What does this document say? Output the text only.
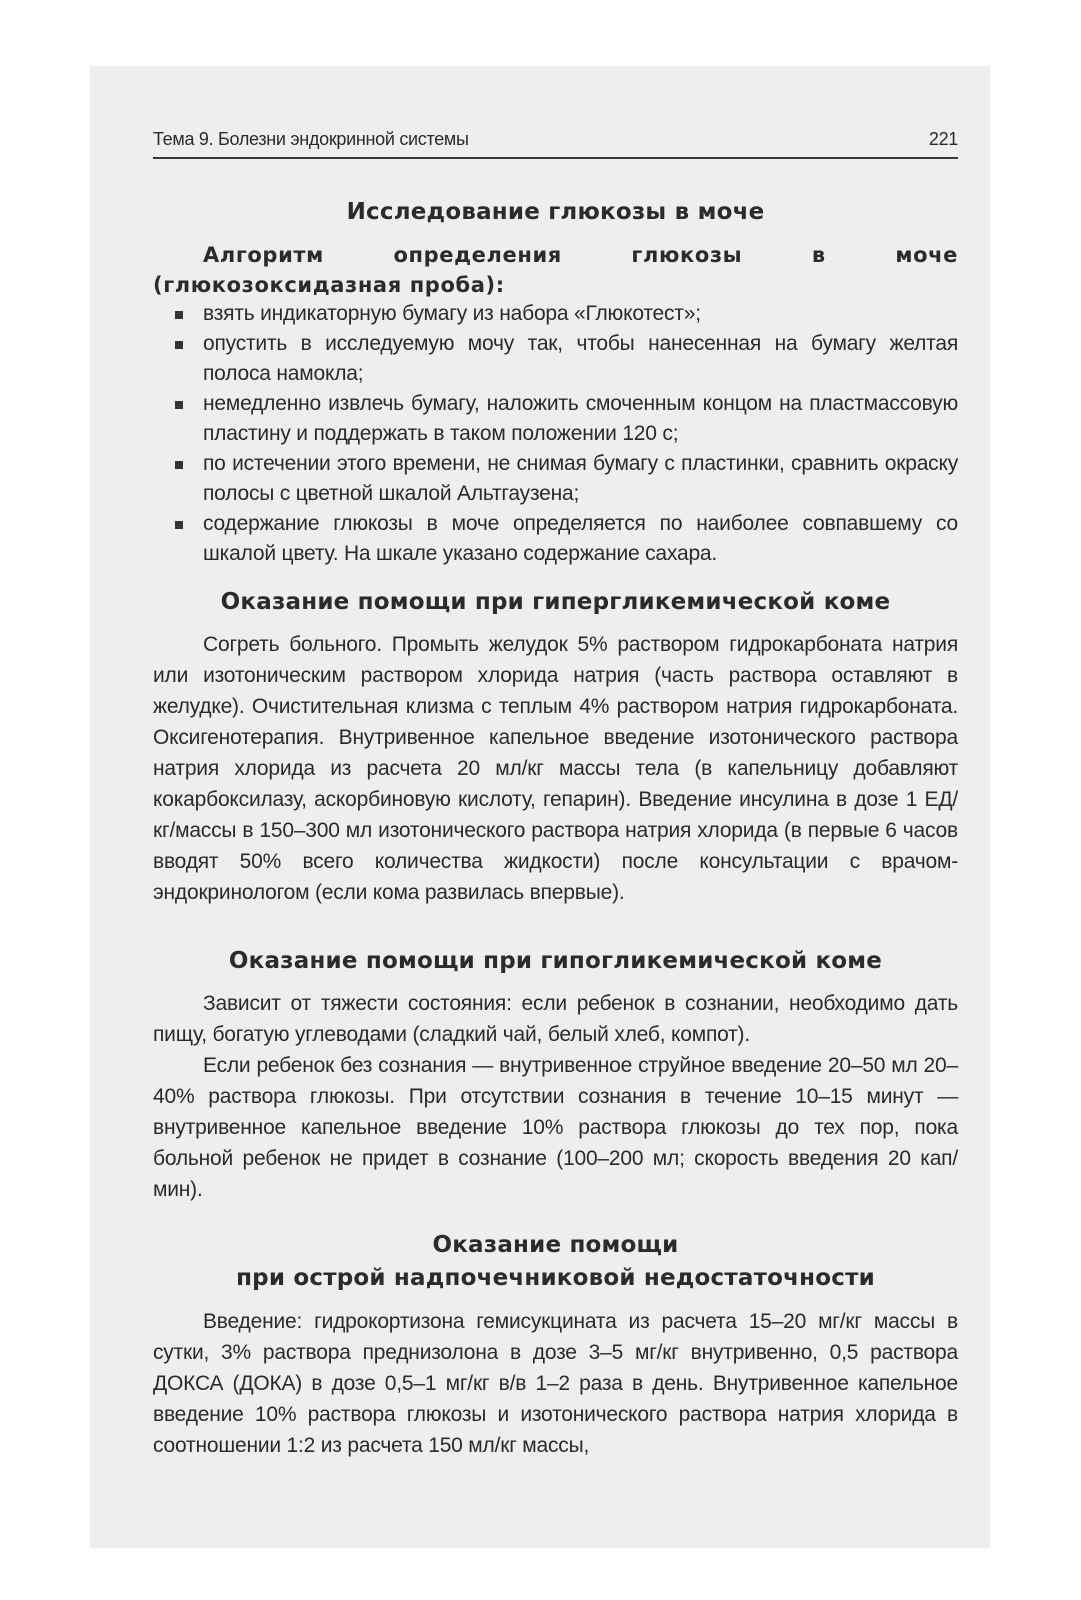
Тема 9. Болезни эндокринной системы	221
Исследование глюкозы в моче

Алгоритм определения глюкозы в моче (глюкозоксидазная проба):

взять индикаторную бумагу из набора «Глюкотест»;
опустить в исследуемую мочу так, чтобы нанесенная на бумагу желтая полоса намокла;
немедленно извлечь бумагу, наложить смоченным концом на пластмассовую пластину и поддержать в таком положении 120 с;
по истечении этого времени, не снимая бумагу с пластинки, сравнить окраску полосы с цветной шкалой Альтгаузена;
содержание глюкозы в моче определяется по наиболее совпавшему со шкалой цвету. На шкале указано содержание сахара.
Оказание помощи при гипергликемической коме

Согреть больного. Промыть желудок 5% раствором гидрокарбоната натрия или изотоническим раствором хлорида натрия (часть раствора оставляют в желудке). Очистительная клизма с теплым 4% раствором натрия гидрокарбоната. Оксигенотерапия. Внутривенное капельное введение изотонического раствора натрия хлорида из расчета 20 мл/кг массы тела (в капельницу добавляют кокарбоксилазу, аскорбиновую кислоту, гепарин). Введение инсулина в дозе 1 ЕД/кг/массы в 150–300 мл изотонического раствора натрия хлорида (в первые 6 часов вводят 50% всего количества жидкости) после консультации с врачом-эндокринологом (если кома развилась впервые).

Оказание помощи при гипогликемической коме

Зависит от тяжести состояния: если ребенок в сознании, необходимо дать пищу, богатую углеводами (сладкий чай, белый хлеб, компот).

Если ребенок без сознания — внутривенное струйное введение 20–50 мл 20–40% раствора глюкозы. При отсутствии сознания в течение 10–15 минут — внутривенное капельное введение 10% раствора глюкозы до тех пор, пока больной ребенок не придет в сознание (100–200 мл; скорость введения 20 кап/мин).

Оказание помощи
при острой надпочечниковой недостаточности

Введение: гидрокортизона гемисукцината из расчета 15–20 мг/кг массы в сутки, 3% раствора преднизолона в дозе 3–5 мг/кг внутривенно, 0,5 раствора ДОКСА (ДОКА) в дозе 0,5–1 мг/кг в/в 1–2 раза в день. Внутривенное капельное введение 10% раствора глюкозы и изотонического раствора натрия хлорида в соотношении 1:2 из расчета 150 мл/кг массы,
